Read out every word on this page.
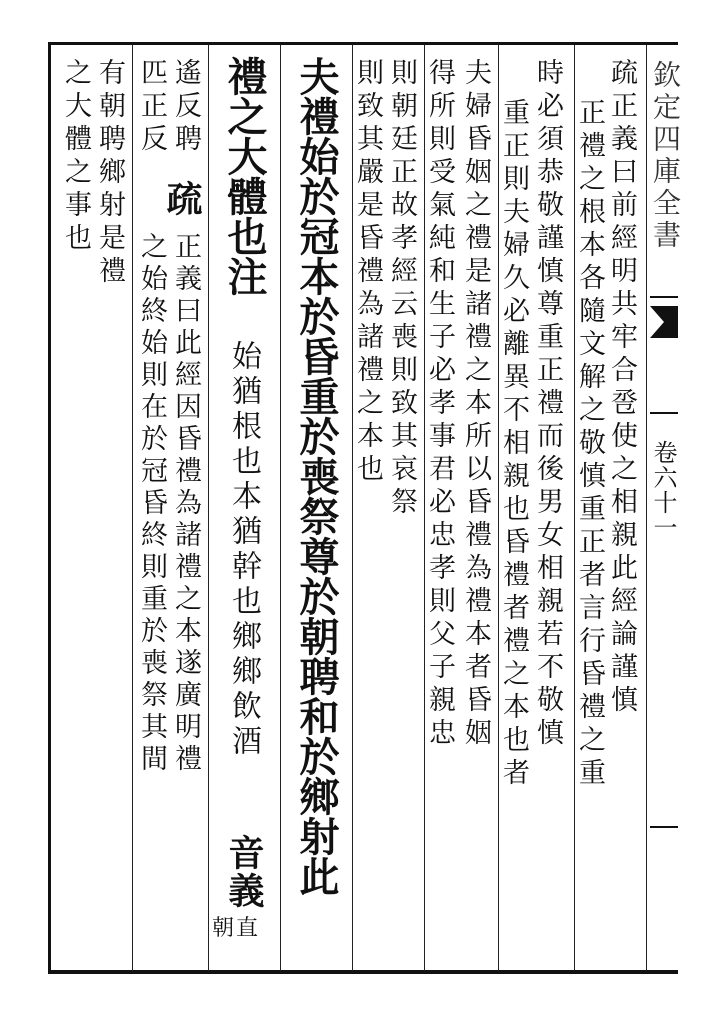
欽定四庫全書
卷六十一
疏正義曰前經明共牢合卺使之相親此經論謹慎
正禮之根本各隨文解之敬慎重正者言行昏禮之重
時必須恭敬謹慎尊重正禮而後男女相親若不敬慎
重正則夫婦久必離異不相親也昏禮者禮之本也者
夫婦昏姻之禮是諸禮之本所以昏禮為禮本者昏姻
得所則受氣純和生子必孝事君必忠孝則父子親忠
則朝廷正故孝經云喪則致其哀祭
則致其嚴是昏禮為諸禮之本也
夫禮始於冠本於昏重於喪祭尊於朝聘和於鄉射此
禮之大體也注
始猶根也本猶幹也鄉鄉飲酒
音義
朝直
遙反聘
疏
正義曰此經因昏禮為諸禮之本遂廣明禮
匹正反
之始終始則在於冠昏終則重於喪祭其間
有朝聘鄉射是禮
之大體之事也
